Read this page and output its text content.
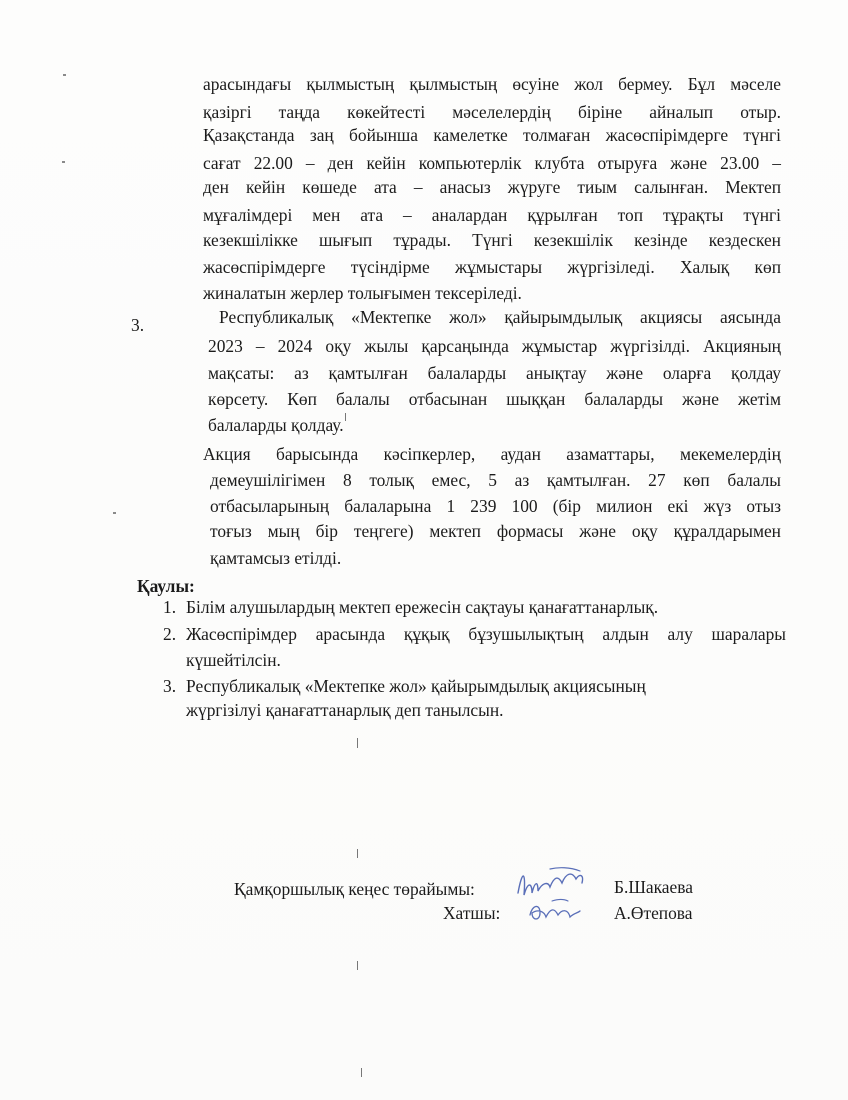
арасындағы қылмыстың қылмыстың өсуіне жол бермеу. Бұл мәселе
қазіргі таңда көкейтесті мәселелердің біріне айналып отыр.
Қазақстанда заң бойынша камелетке толмаған жасөспірімдерге түнгі
сағат 22.00 – ден кейін компьютерлік клубта отыруға және 23.00 –
ден кейін көшеде ата – анасыз жүруге тиым салынған. Мектеп
мұғалімдері мен ата – аналардан құрылған топ тұрақты түнгі
кезекшілікке шығып тұрады. Түнгі кезекшілік кезінде кездескен
жасөспірімдерге түсіндірме жұмыстары жүргізіледі. Халық көп
жиналатын жерлер толығымен тексеріледі.
3.	Республикалық «Мектепке жол» қайырымдылық акциясы аясында
2023 – 2024 оқу жылы қарсаңында жұмыстар жүргізілді. Акцияның
мақсаты: аз қамтылған балаларды анықтау және оларға қолдау
көрсету. Көп балалы отбасынан шыққан балаларды және жетім
балаларды қолдау.
Акция барысында кәсіпкерлер, аудан азаматтары, мекемелердің
демеушілігімен 8 толық емес, 5 аз қамтылған. 27 көп балалы
отбасыларының балаларына 1 239 100 (бір милион екі жүз отыз
тоғыз мың бір теңгеге) мектеп формасы және оқу құралдарымен
қамтамсыз етілді.
Қаулы:
1. Білім алушылардың мектеп ережесін сақтауы қанағаттанарлық.
2. Жасөспірімдер арасында құқық бұзушылықтың алдын алу шаралары
күшейтілсін.
3. Республикалық «Мектепке жол» қайырымдылық акциясының
жүргізілуі қанағаттанарлық деп танылсын.
Қамқоршылық кеңес төрайымы:	Б.Шакаева
Хатшы:	А.Өтепова
